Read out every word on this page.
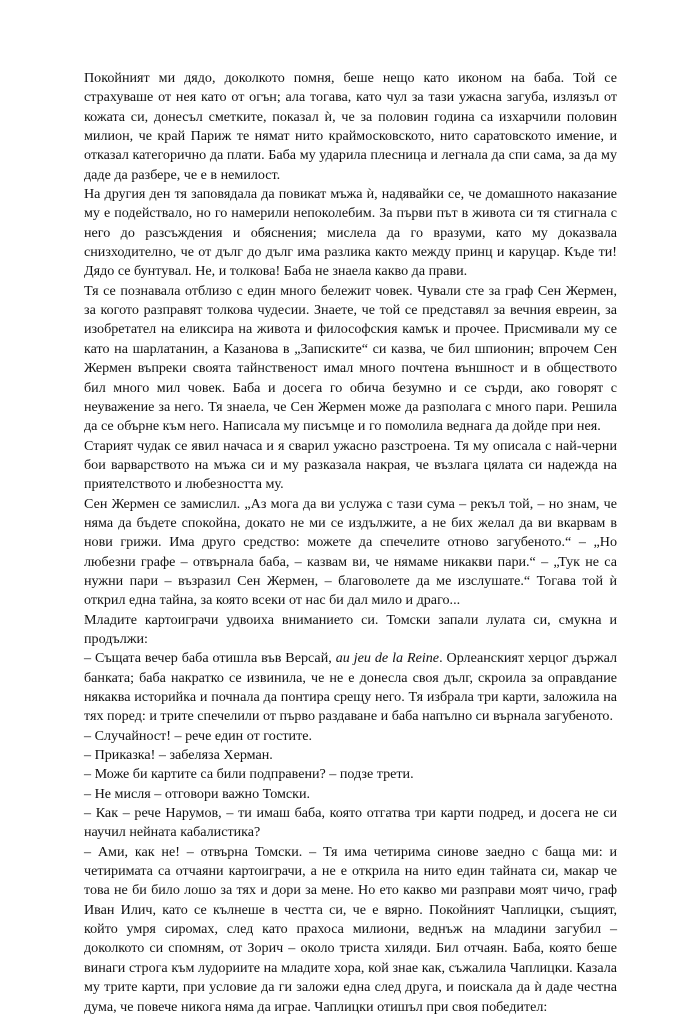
Покойният ми дядо, доколкото помня, беше нещо като иконом на баба. Той се страхуваше от нея като от огън; ала тогава, като чул за тази ужасна загуба, излязъл от кожата си, донесъл сметките, показал ѝ, че за половин година са изхарчили половин милион, че край Париж те нямат нито краймосковското, нито саратовското имение, и отказал категорично да плати. Баба му ударила плесница и легнала да спи сама, за да му даде да разбере, че е в немилост.

На другия ден тя заповядала да повикат мъжа ѝ, надявайки се, че домашното наказание му е подействало, но го намерили непоколебим. За първи път в живота си тя стигнала с него до разсъждения и обяснения; мислела да го вразуми, като му доказвала снизходително, че от дълг до дълг има разлика както между принц и каруцар. Къде ти! Дядо се бунтувал. Не, и толкова! Баба не знаела какво да прави.

Тя се познавала отблизо с един много бележит човек. Чували сте за граф Сен Жермен, за когото разправят толкова чудесии. Знаете, че той се представял за вечния евреин, за изобретател на еликсира на живота и философския камък и прочее. Присмивали му се като на шарлатанин, а Казанова в „Записките“ си казва, че бил шпионин; впрочем Сен Жермен въпреки своята тайнственост имал много почтена външност и в обществото бил много мил човек. Баба и досега го обича безумно и се сърди, ако говорят с неуважение за него. Тя знаела, че Сен Жермен може да разполага с много пари. Решила да се обърне към него. Написала му писъмце и го помолила веднага да дойде при нея.

Старият чудак се явил начаса и я сварил ужасно разстроена. Тя му описала с най-черни бои варварството на мъжа си и му разказала накрая, че възлага цялата си надежда на приятелството и любезността му.

Сен Жермен се замислил. „Аз мога да ви услужа с тази сума – рекъл той, – но знам, че няма да бъдете спокойна, докато не ми се издължите, а не бих желал да ви вкарвам в нови грижи. Има друго средство: можете да спечелите отново загубеното.“ – „Но любезни графе – отвърнала баба, – казвам ви, че нямаме никакви пари.“ – „Тук не са нужни пари – възразил Сен Жермен, – благоволете да ме изслушате.“ Тогава той ѝ открил една тайна, за която всеки от нас би дал мило и драго...

Младите картоиграчи удвоиха вниманието си. Томски запали лулата си, смукна и продължи:

– Същата вечер баба отишла във Версай, au jeu de la Reine. Орлеанският херцог държал банката; баба накратко се извинила, че не е донесла своя дълг, скроила за оправдание някаква историйка и почнала да понтира срещу него. Тя избрала три карти, заложила на тях поред: и трите спечелили от първо раздаване и баба напълно си върнала загубеното.

– Случайност! – рече един от гостите.

– Приказка! – забеляза Херман.

– Може би картите са били подправени? – подзе трети.

– Не мисля – отговори важно Томски.

– Как – рече Нарумов, – ти имаш баба, която отгатва три карти подред, и досега не си научил нейната кабалистика?

– Ами, как не! – отвърна Томски. – Тя има четирима синове заедно с баща ми: и четиримата са отчаяни картоиграчи, а не е открила на нито един тайната си, макар че това не би било лошо за тях и дори за мене. Но ето какво ми разправи моят чичо, граф Иван Илич, като се кълнеше в честта си, че е вярно. Покойният Чаплицки, същият, който умря сиромах, след като прахоса милиони, веднъж на младини загубил – доколкото си спомням, от Зорич – около триста хиляди. Бил отчаян. Баба, която беше винаги строга към лудориите на младите хора, кой знае как, съжалила Чаплицки. Казала му трите карти, при условие да ги заложи една след друга, и поискала да ѝ даде честна дума, че повече никога няма да играе. Чаплицки отишъл при своя победител:
